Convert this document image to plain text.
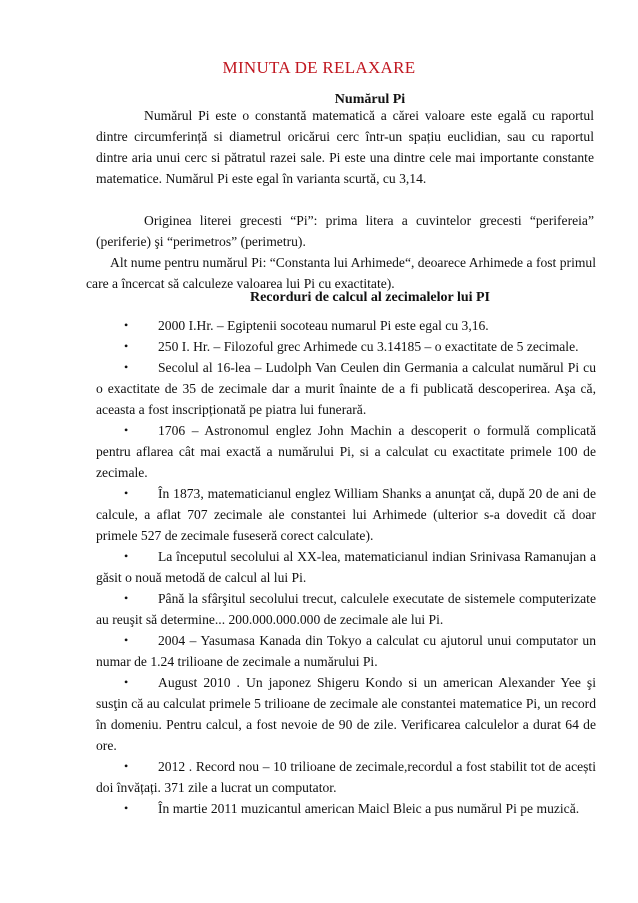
MINUTA DE RELAXARE
Numărul Pi

Numărul Pi este o constantă matematică a cărei valoare este egală cu raportul dintre circumferință si diametrul oricărui cerc într-un spațiu euclidian, sau cu raportul dintre aria unui cerc si pătratul razei sale. Pi este una dintre cele mai importante constante matematice. Numărul Pi este egal în varianta scurtă, cu 3,14.

Originea literei grecesti “Pi”: prima litera a cuvintelor grecesti “perifereia” (periferie) şi “perimetros” (perimetru).

Alt nume pentru numărul Pi: “Constanta lui Arhimede“, deoarece Arhimede a fost primul care a încercat să calculeze valoarea lui Pi cu exactitate).

Recorduri de calcul al zecimalelor lui PI
• 2000 I.Hr. – Egiptenii socoteau numarul Pi este egal cu 3,16.
• 250 I. Hr. – Filozoful grec Arhimede cu 3.14185 – o exactitate de 5 zecimale.
• Secolul al 16-lea – Ludolph Van Ceulen din Germania a calculat numărul Pi cu o exactitate de 35 de zecimale dar a murit înainte de a fi publicată descoperirea. Aşa că, aceasta a fost inscripționată pe piatra lui funerară.
• 1706 – Astronomul englez John Machin a descoperit o formulă complicată pentru aflarea cât mai exactă a numărului Pi, si a calculat cu exactitate primele 100 de zecimale.
• În 1873, matematicianul englez William Shanks a anunţat că, după 20 de ani de calcule, a aflat 707 zecimale ale constantei lui Arhimede (ulterior s-a dovedit că doar primele 527 de zecimale fuseseră corect calculate).
• La începutul secolului al XX-lea, matematicianul indian Srinivasa Ramanujan a găsit o nouă metodă de calcul al lui Pi.
• Până la sfârşitul secolului trecut, calculele executate de sistemele computerizate au reuşit să determine... 200.000.000.000 de zecimale ale lui Pi.
• 2004 – Yasumasa Kanada din Tokyo a calculat cu ajutorul unui computator un numar de 1.24 trilioane de zecimale a numărului Pi.
• August 2010 . Un japonez Shigeru Kondo si un american Alexander Yee şi susţin că au calculat primele 5 trilioane de zecimale ale constantei matematice Pi, un record în domeniu. Pentru calcul, a fost nevoie de 90 de zile. Verificarea calculelor a durat 64 de ore.
• 2012 . Record nou – 10 trilioane de zecimale,recordul a fost stabilit tot de acești doi învățați. 371 zile a lucrat un computator.
• În martie 2011 muzicantul american Maicl Bleic a pus numărul Pi pe muzică.
